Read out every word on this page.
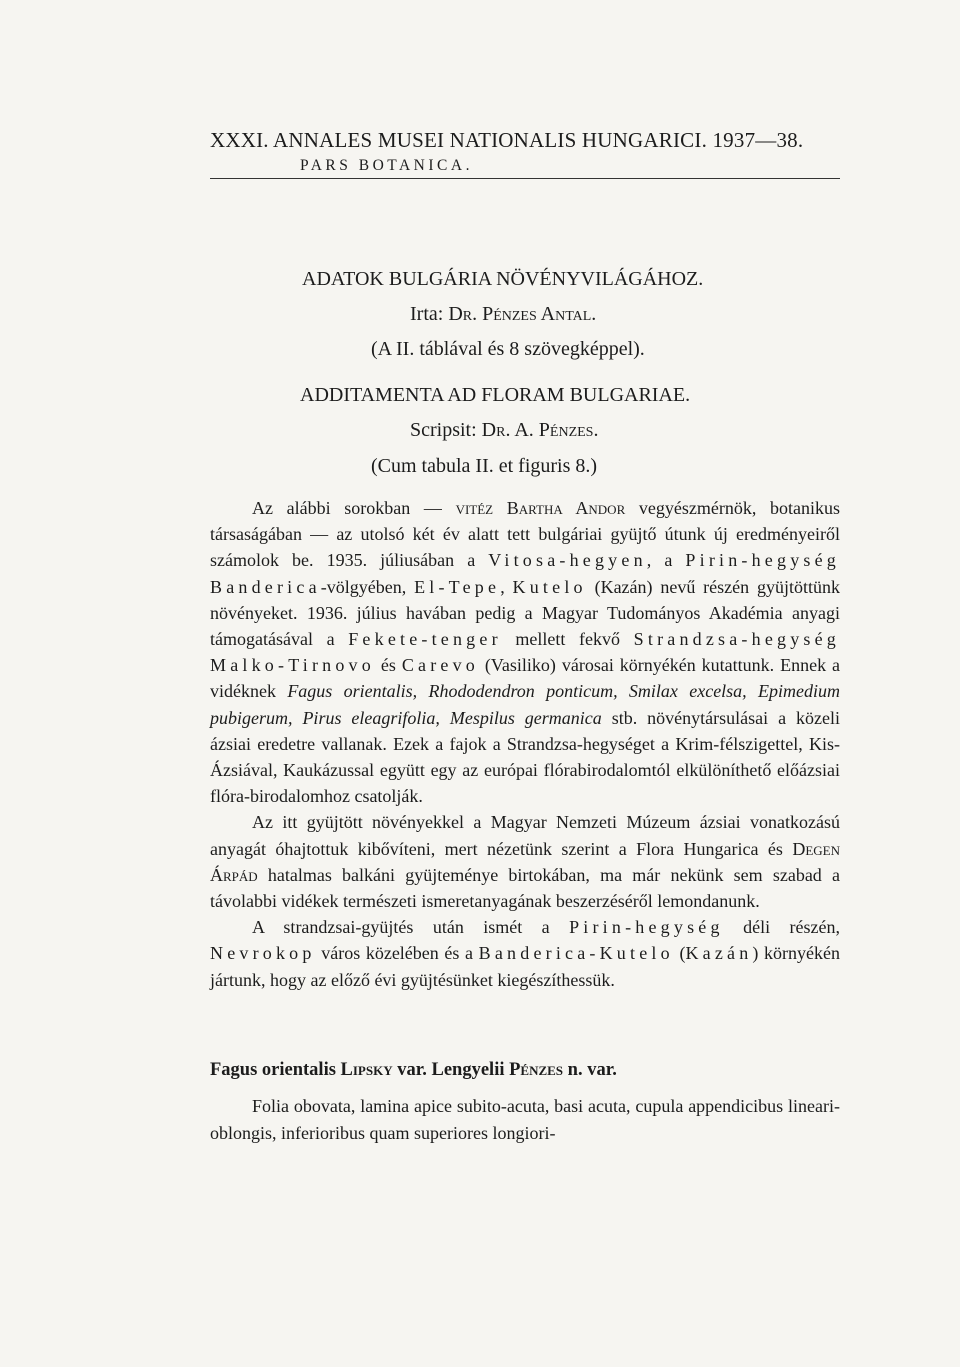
XXXI. ANNALES MUSEI NATIONALIS HUNGARICI. 1937—38.
PARS BOTANICA.
ADATOK BULGÁRIA NÖVÉNYVILÁGÁHOZ.
Irta: Dr. Pénzes Antal.
(A II. táblával és 8 szövegképpel).
ADDITAMENTA AD FLORAM BULGARIAE.
Scripsit: Dr. A. Pénzes.
(Cum tabula II. et figuris 8.)

Az alábbi sorokban — vitéz Bartha Andor vegyészmérnök, botanikus társaságában — az utolsó két év alatt tett bulgáriai gyüjtő útunk új eredményeiről számolok be. 1935. júliusában a Vitosa-hegyen, a Pirin-hegység Banderica-völgyében, El-Tepe, Kutelo (Kazán) nevű részén gyüjtöttünk növényeket. 1936. július havában pedig a Magyar Tudományos Akadémia anyagi támogatásával a Fekete-tenger mellett fekvő Strandzsa-hegység Malko-Tirnovo és Carevo (Vasiliko) városai környékén kutattunk. Ennek a vidéknek Fagus orientalis, Rhododendron ponticum, Smilax excelsa, Epimedium pubigerum, Pirus eleagrifolia, Mespilus germanica stb. növénytársulásai a közeli ázsiai eredetre vallanak. Ezek a fajok a Strandzsa-hegységet a Krim-félszigettel, Kis-Ázsiával, Kaukázussal együtt egy az európai flórabirodalomtól elkülöníthető előázsiai flóra-birodalomhoz csatolják.

Az itt gyüjtött növényekkel a Magyar Nemzeti Múzeum ázsiai vonatkozású anyagát óhajtottuk kibővíteni, mert nézetünk szerint a Flora Hungarica és Degen Árpád hatalmas balkáni gyüjteménye birtokában, ma már nekünk sem szabad a távolabbi vidékek természeti ismeretanyagának beszerzéséről lemondanunk.

A strandzsai-gyüjtés után ismét a Pirin-hegység déli részén, Nevrokop város közelében és a Banderica-Kutelo (Kazán) környékén jártunk, hogy az előző évi gyüjtésünket kiegészíthessük.

Fagus orientalis Lipsky var. Lengyelii Pénzes n. var.

Folia obovata, lamina apice subito-acuta, basi acuta, cupula appendicibus lineari-oblongis, inferioribus quam superiores longiori-
